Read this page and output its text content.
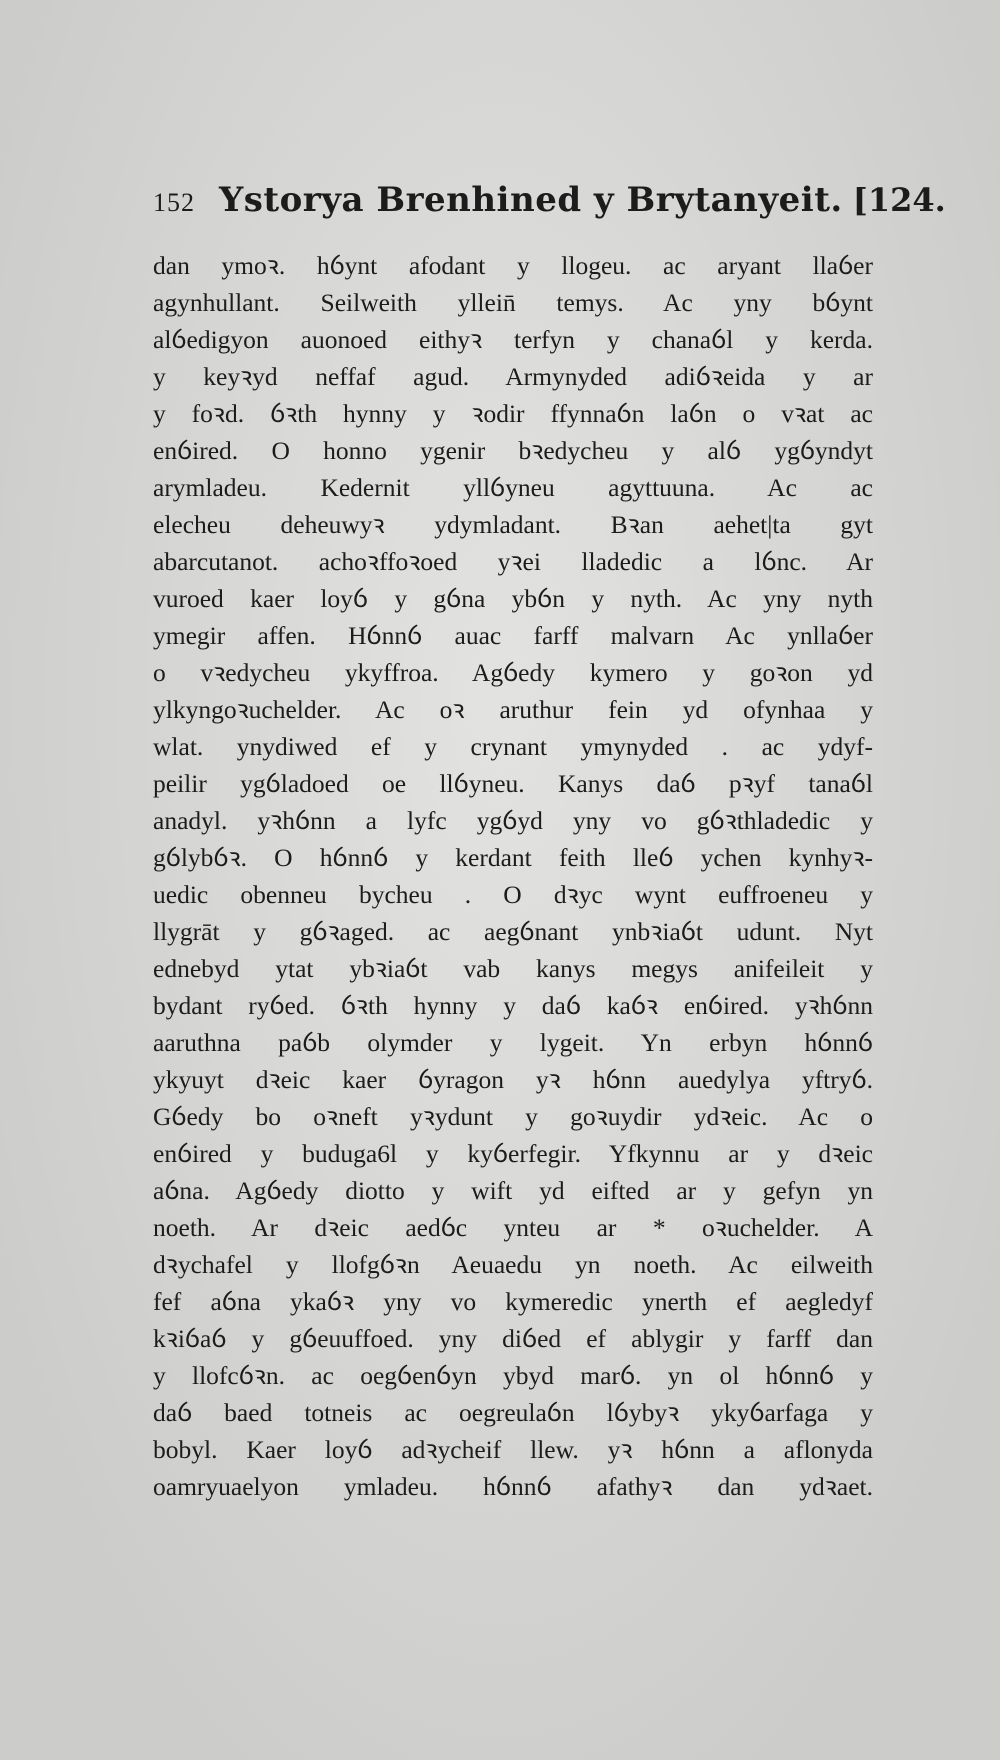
152 Ystorya Brenhined y Brytanyeit. [124.
dan ymoꝛ. hỽynt afodant y llogeu. ac aryant llaỽer
agynhullant. Seilweith yllein̄ temys. Ac yny bỽynt
alỽedigyon auonoed eithyꝛ terfyn y chanaỽl y kerda.
y keyꝛyd neffaf agud. Armynyded adiỽꝛeida y ar
y foꝛd. ỽꝛth hynny y ꝛodir ffynnaỽn laỽn o vꝛat ac
enỽired. O honno ygenir bꝛedycheu y alỽ ygỽyndyt
arymladeu. Kedernit yllỽyneu agyttuuna. Ac ac
elecheu deheuwyꝛ ydymladant. Bꝛan aehet|ta gyt
abarcutanot. achoꝛffoꝛoed yꝛei lladedic a lỽnc. Ar
vuroed kaer loyỽ y gỽna ybỽn y nyth. Ac yny nyth
ymegir affen. Hỽnnỽ auac farff malvarn Ac ynllaỽer
o vꝛedycheu ykyffroa. Agỽedy kymero y goꝛon yd
ylkyngoꝛuchelder. Ac oꝛ aruthur fein yd ofynhaa y
wlat. ynydiwed ef y crynant ymynyded . ac ydyf-
peilir ygỽladoed oe llỽyneu. Kanys daỽ pꝛyf tanaỽl
anadyl. yꝛhỽnn a lyfc ygỽyd yny vo gỽꝛthladedic y
gỽlybỽꝛ. O hỽnnỽ y kerdant feith lleỽ ychen kynhyꝛ-
uedic obenneu bycheu . O dꝛyc wynt euffroeneu y
llygrāt y gỽꝛaged. ac aegỽnant ynbꝛiaỽt udunt. Nyt
ednebyd ytat ybꝛiaỽt vab kanys megys anifeileit y
bydant ryỽed. ỽꝛth hynny y daỽ kaỽꝛ enỽired. yꝛhỽnn
aaruthna paỽb olymder y lygeit. Yn erbyn hỽnnỽ
ykyuyt dꝛeic kaer ỽyragon yꝛ hỽnn auedylya yftryỽ.
Gỽedy bo oꝛneft yꝛydunt y goꝛuydir ydꝛeic. Ac o
enỽired y buduga6l y kyỽerfegir. Yfkynnu ar y dꝛeic
aỽna. Agỽedy diotto y wift yd eifted ar y gefyn yn
noeth. Ar dꝛeic aedỽc ynteu ar * oꝛuchelder. A
dꝛychafel y llofgỽꝛn Aeuaedu yn noeth. Ac eilweith
fef aỽna ykaỽꝛ yny vo kymeredic ynerth ef aegledyf
kꝛiỽaỽ y gỽeuuffoed. yny diỽed ef ablygir y farff dan
y llofcỽꝛn. ac oegỽenỽyn ybyd marỽ. yn ol hỽnnỽ y
daỽ baed totneis ac oegreulaỽn lỽybyꝛ ykyỽarfaga y
bobyl. Kaer loyỽ adꝛycheif llew. yꝛ hỽnn a aflonyda
oamryuaelyon ymladeu. hỽnnỽ afathyꝛ dan ydꝛaet.
